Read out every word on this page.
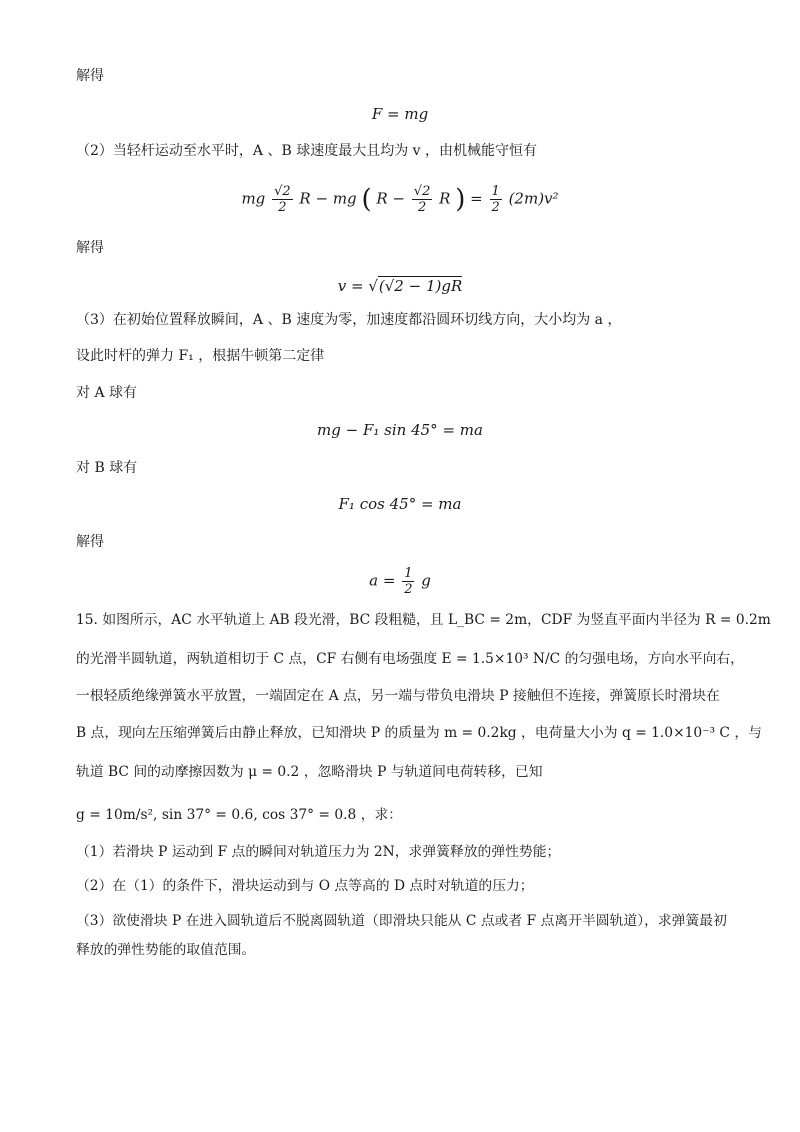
解得
F = mg
（2）当轻杆运动至水平时，A 、B 球速度最大且均为 v ，由机械能守恒有
mg $\frac{√2}{2}$ R − mg ( $R - \frac{√2}{2}$ R ) = $\frac{1}{2} (2m)v^2$
解得
v = √(√2 − 1)gR
（3）在初始位置释放瞬间，A 、B 速度为零，加速度都沿圆环切线方向，大小均为 a ，
设此时杆的弹力 F₁ ，根据牛顿第二定律
对 A 球有
mg − F₁ sin 45° = ma
对 B 球有
F₁ cos 45° = ma
解得
$a = \frac{1}{2}$ g
15. 如图所示，AC 水平轨道上 AB 段光滑，BC 段粗糙，且 L_BC = 2m，CDF 为竖直平面内半径为 R = 0.2m
的光滑半圆轨道，两轨道相切于 C 点，CF 右侧有电场强度 E = 1.5×10³ N/C 的匀强电场，方向水平向右，
一根轻质绝缘弹簧水平放置，一端固定在 A 点，另一端与带负电滑块 P 接触但不连接，弹簧原长时滑块在
B 点，现向左压缩弹簧后由静止释放，已知滑块 P 的质量为 m = 0.2kg ，电荷量大小为 q = 1.0×10⁻³ C ，与
轨道 BC 间的动摩擦因数为 μ = 0.2 ，忽略滑块 P 与轨道间电荷转移，已知
g = 10m/s², sin 37° = 0.6, cos 37° = 0.8 ，求：
（1）若滑块 P 运动到 F 点的瞬间对轨道压力为 2N，求弹簧释放的弹性势能；
（2）在（1）的条件下，滑块运动到与 O 点等高的 D 点时对轨道的压力；
（3）欲使滑块 P 在进入圆轨道后不脱离圆轨道（即滑块只能从 C 点或者 F 点离开半圆轨道），求弹簧最初
释放的弹性势能的取值范围。
